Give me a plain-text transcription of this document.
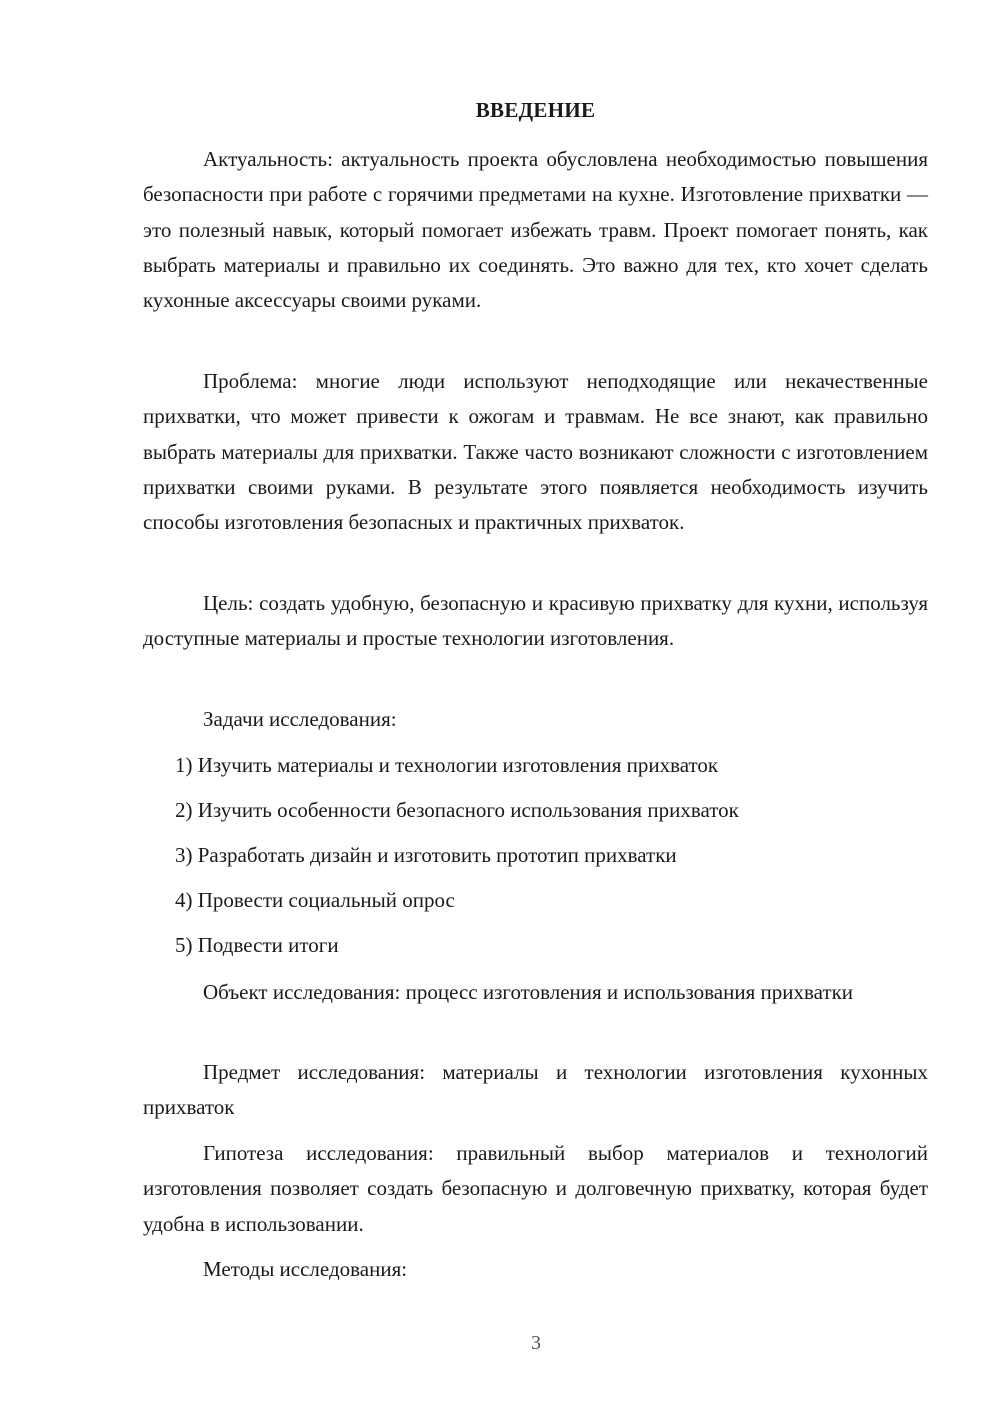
ВВЕДЕНИЕ

Актуальность: актуальность проекта обусловлена необходимостью повышения безопасности при работе с горячими предметами на кухне. Изготовление прихватки — это полезный навык, который помогает избежать травм. Проект помогает понять, как выбрать материалы и правильно их соединять. Это важно для тех, кто хочет сделать кухонные аксессуары своими руками.

Проблема: многие люди используют неподходящие или некачественные прихватки, что может привести к ожогам и травмам. Не все знают, как правильно выбрать материалы для прихватки. Также часто возникают сложности с изготовлением прихватки своими руками. В результате этого появляется необходимость изучить способы изготовления безопасных и практичных прихваток.

Цель: создать удобную, безопасную и красивую прихватку для кухни, используя доступные материалы и простые технологии изготовления.

Задачи исследования:

1) Изучить материалы и технологии изготовления прихваток

2) Изучить особенности безопасного использования прихваток

3) Разработать дизайн и изготовить прототип прихватки

4) Провести социальный опрос

5) Подвести итоги

Объект исследования: процесс изготовления и использования прихватки

Предмет исследования: материалы и технологии изготовления кухонных прихваток

Гипотеза исследования: правильный выбор материалов и технологий изготовления позволяет создать безопасную и долговечную прихватку, которая будет удобна в использовании.

Методы исследования:

3
